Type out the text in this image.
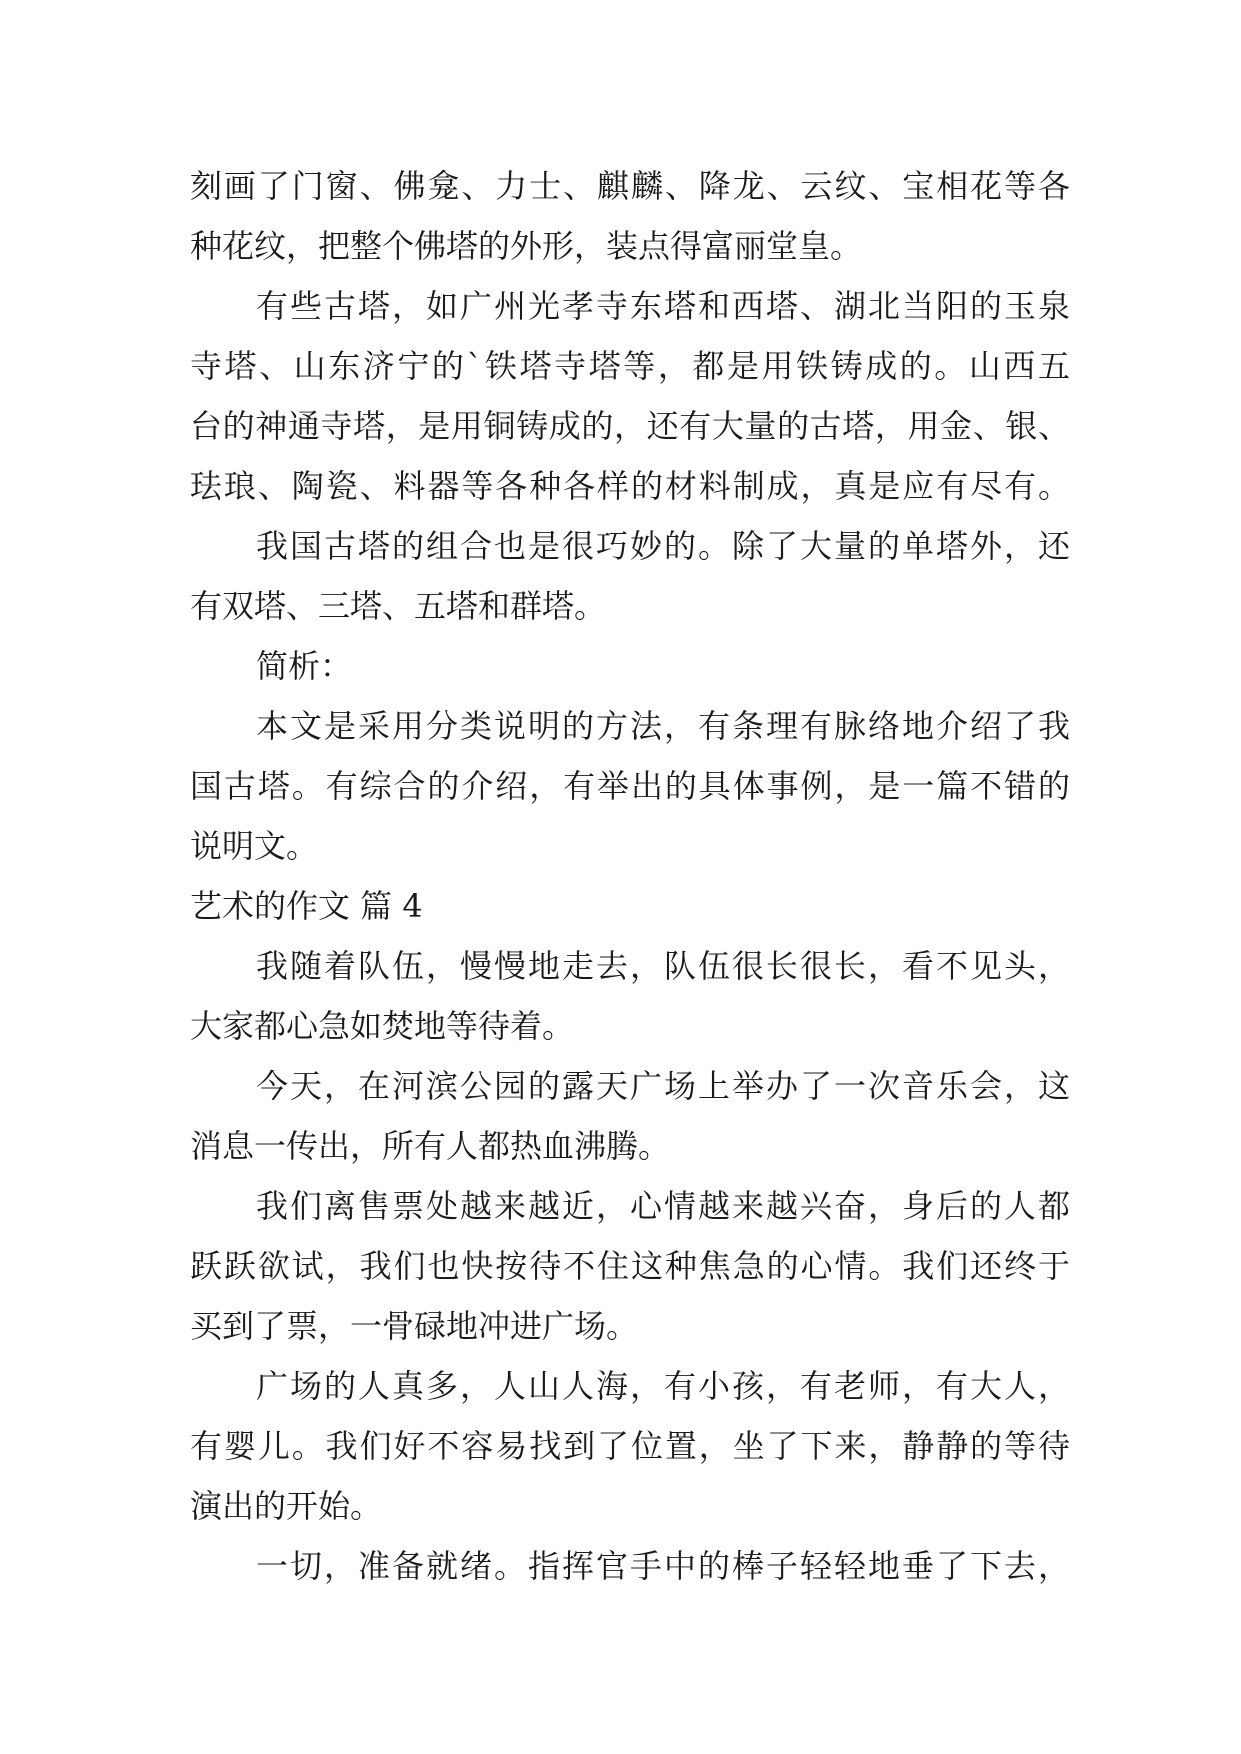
刻画了门窗、佛龛、力士、麒麟、降龙、云纹、宝相花等各
种花纹，把整个佛塔的外形，装点得富丽堂皇。
有些古塔，如广州光孝寺东塔和西塔、湖北当阳的玉泉
寺塔、山东济宁的`铁塔寺塔等，都是用铁铸成的。山西五
台的神通寺塔，是用铜铸成的，还有大量的古塔，用金、银、
珐琅、陶瓷、料器等各种各样的材料制成，真是应有尽有。
我国古塔的组合也是很巧妙的。除了大量的单塔外，还
有双塔、三塔、五塔和群塔。
简析：
本文是采用分类说明的方法，有条理有脉络地介绍了我
国古塔。有综合的介绍，有举出的具体事例，是一篇不错的
说明文。
艺术的作文 篇 4
我随着队伍，慢慢地走去，队伍很长很长，看不见头，
大家都心急如焚地等待着。
今天，在河滨公园的露天广场上举办了一次音乐会，这
消息一传出，所有人都热血沸腾。
我们离售票处越来越近，心情越来越兴奋，身后的人都
跃跃欲试，我们也快按待不住这种焦急的心情。我们还终于
买到了票，一骨碌地冲进广场。
广场的人真多，人山人海，有小孩，有老师，有大人，
有婴儿。我们好不容易找到了位置，坐了下来，静静的等待
演出的开始。
一切，准备就绪。指挥官手中的棒子轻轻地垂了下去，
